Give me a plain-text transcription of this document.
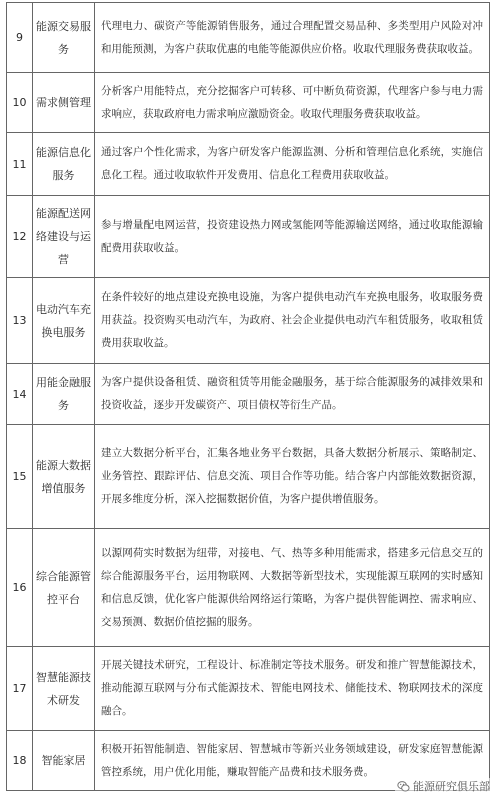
9	能源交易服务	代理电力、碳资产等能源销售服务，通过合理配置交易品种、多类型用户风险对冲和用能预测，为客户获取优惠的电能等能源供应价格。收取代理服务费获取收益。
10	需求侧管理	分析客户用能特点，充分挖掘客户可转移、可中断负荷资源，代理客户参与电力需求响应，获取政府电力需求响应激励资金。收取代理服务费获取收益。
11	能源信息化服务	通过客户个性化需求，为客户研发客户能源监测、分析和管理信息化系统，实施信息化工程。通过收取软件开发费用、信息化工程费用获取收益。
12	能源配送网络建设与运营	参与增量配电网运营，投资建设热力网或氢能网等能源输送网络，通过收取能源输配费用获取收益。
13	电动汽车充换电服务	在条件较好的地点建设充换电设施，为客户提供电动汽车充换电服务，收取服务费用获益。投资购买电动汽车，为政府、社会企业提供电动汽车租赁服务，收取租赁费用获取收益。
14	用能金融服务	为客户提供设备租赁、融资租赁等用能金融服务，基于综合能源服务的减排效果和投资收益，逐步开发碳资产、项目债权等衍生产品。
15	能源大数据增值服务	建立大数据分析平台，汇集各地业务平台数据，具备大数据分析展示、策略制定、业务管控、跟踪评估、信息交流、项目合作等功能。结合客户内部能效数据资源，开展多维度分析，深入挖掘数据价值，为客户提供增值服务。
16	综合能源管控平台	以源网荷实时数据为纽带，对接电、气、热等多种用能需求，搭建多元信息交互的综合能源服务平台，运用物联网、大数据等新型技术，实现能源互联网的实时感知和信息反馈，优化客户能源供给网络运行策略，为客户提供智能调控、需求响应、交易预测、数据价值挖掘的服务。
17	智慧能源技术研发	开展关键技术研究，工程设计、标准制定等技术服务。研发和推广智慧能源技术，推动能源互联网与分布式能源技术、智能电网技术、储能技术、物联网技术的深度融合。
18	智能家居	积极开拓智能制造、智能家居、智慧城市等新兴业务领域建设，研发家庭智慧能源管控系统，用户优化用能，赚取智能产品费和技术服务费。
能源研究俱乐部
